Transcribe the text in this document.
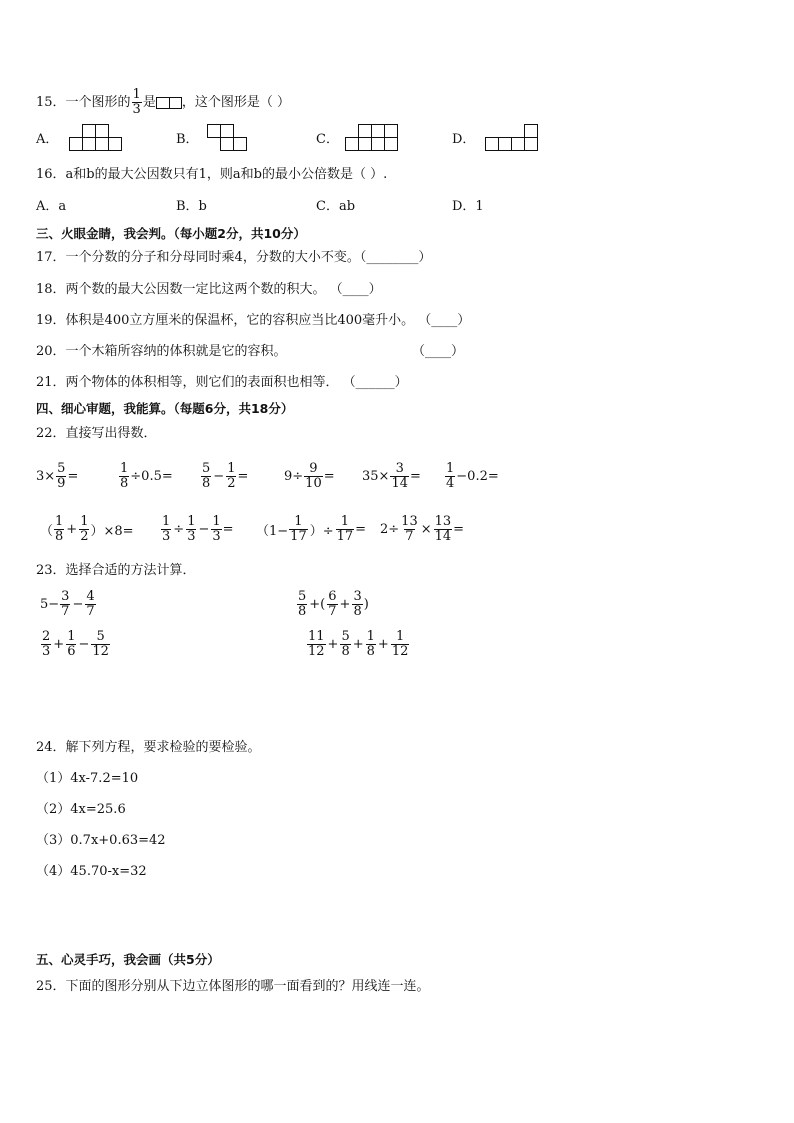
15．一个图形的 $\frac{1}{3}$ 是 ，这个图形是（ ）
A．	B．	C．	D．
16．a和b的最大公因数只有1，则a和b的最小公倍数是（ ）.
A．a	B．b	C．ab	D．1
三、火眼金睛，我会判。（每小题2分，共10分）
17．一个分数的分子和分母同时乘4，分数的大小不变。（________）
18．两个数的最大公因数一定比这两个数的积大。 （____）
19．体积是400立方厘米的保温杯，它的容积应当比400毫升小。 （____）
20．一个木箱所容纳的体积就是它的容积。	（____）
21．两个物体的体积相等，则它们的表面积也相等． （______）
四、细心审题，我能算。（每题6分，共18分）
22．直接写出得数．
$3\times \frac{5}{9}$ =	$\frac{1}{8} \div 0.5= \frac{5}{8} - \frac{1}{2}$ =	$9\div \frac{9}{10} = 35\times \frac{3}{14} = \frac{1}{4} -0.2=$
（ $\frac{1}{8} + \frac{1}{2} )\times 8= \frac{1}{3} \div \frac{1}{3} - \frac{1}{3} = (1- \frac{1}{17}$ ）÷ $\frac{1}{17} = 2\div \frac{13}{7} \times \frac{13}{14}$ =
23．选择合适的方法计算．
$5- \frac{3}{7} - \frac{4}{7}$	$\frac{5}{8}$ +( $\frac{6}{7} + \frac{3}{8}$ )
$\frac{2}{3} + \frac{1}{6} - \frac{5}{12}$	$\frac{11}{12} + \frac{5}{8} + \frac{1}{8} + \frac{1}{12}$
24．解下列方程，要求检验的要检验。
（1）4x-7.2=10
（2）4x=25.6
（3）0.7x+0.63=42
（4）45.70-x=32
五、心灵手巧，我会画（共5分）
25．下面的图形分别从下边立体图形的哪一面看到的？用线连一连。
